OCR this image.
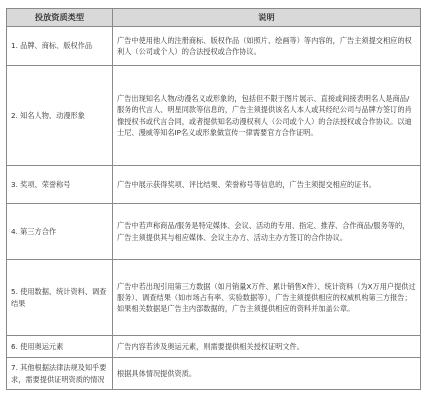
投放资质类型	说明
1. 品牌、商标、版权作品	广告中使用他人的注册商标、版权作品（如照片、绘画等）等内容的，广告主须提交相应的权利人（公司或个人）的合法授权或合作协议。
2. 知名人物、动漫形象	广告出现知名人物/动漫名义或形象的，包括但不限于图片展示、直接或间接表明名人是商品/服务的代言人、明星同款等信息的，广告主须提供该名人本人或其经纪公司与品牌方签订的肖像授权书或代言合同，或者提供知名动漫权利人（公司或个人）的合法授权或合作协议。以迪士尼、漫威等知名IP名义或形象做宣传一律需要官方合作证明。
3. 奖项、荣誉称号	广告中展示获得奖项、评比结果、荣誉称号等信息的，广告主须提交相应的证书。
4. 第三方合作	广告中若声称商品/服务是特定媒体、会议、活动的专用、指定、推荐、合作商品/服务等的，广告主须提供其与相应媒体、会议主办方、活动主办方签订的合作协议。
5. 使用数据、统计资料、调查结果	广告中若出现引用第三方数据（如月销量X万件、累计销售X件）、统计资料（为X万用户提供过服务）、调查结果（如市场占有率、实验数据等），广告主须提供相应的权威机构第三方报告；如果相关数据是广告主内部数据的，广告主须提供相应的资料并加盖公章。
6. 使用奥运元素	广告内容若涉及奥运元素，则需要提供相关授权证明文件。
7. 其他根据法律法规及知乎要求，需要提供证明资质的情况	根据具体情况提供资质。
